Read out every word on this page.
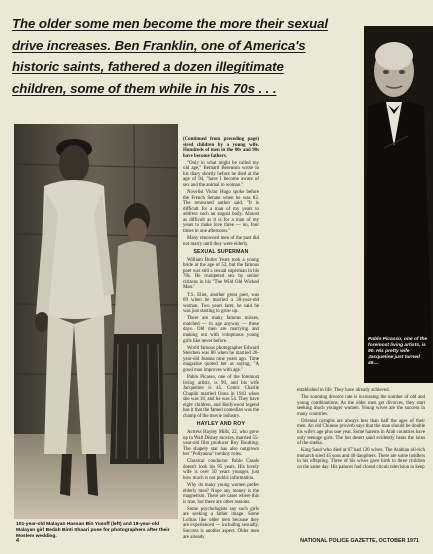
The older some men become the more their sexual
drive increases. Ben Franklin, one of America's
historic saints, fathered a dozen illegitimate
children, some of them while in his 70s . . .
101-year-old Malayan Hassan Bin Yusoff (left) and 18-year-old Malayan girl Bedah Binti Shaari pose for photographers after their Moslem wedding.

(Continued from preceding page) sired children by a young wife. Hundreds of men in the 80s and 90s have become fathers.

"Only in what might be called my old age," Bernard Berenson wrote in his diary shortly before he died at the age of 94, "have I become aware of sex and the animal in woman."

Novelist Victor Hugo spoke before the French Senate when he was 82. The renowned author said, "It is difficult for a man of my years to address such an august body. Almost as difficult as it is for a man of my years to make love three — no, four times in one afternoon."

Many renowned men of the past did not marry until they were elderly.

SEXUAL SUPERMAN

William Butler Yeats took a young bride at the age of 52, but the famous poet was still a sexual superman in his 70s. He trumpeted sex by senior citizens in his "The Wild Old Wicked Man."

T.S. Eliot, another great poet, was 69 when he married a 30-year-old woman. Two years later, he said he was just starting to grow up.

There are many famous misses, matched — in age anyway — these days. Old men are marrying and making out with voluptuous young girls like never before.

World famous photographer Edward Steichen was 80 when he married 26-year-old Joanna nine years ago. Time magazine quoted her as saying, "A good man improves with age."

Pablo Picasso, one of the foremost living artists, is 90, and his wife Jacqueline is 45. Comic Charlie Chaplin married Oona in 1943 when she was 18, and he was 54. They have eight children, and Hollywood legend has it that the famed comedian was the champ of the movie industry.

HAYLEY AND ROY

Actress Hayley Mills, 22, who grew up in Walt Disney movies, married 55-year-old film producer Roy Boulting. The shapely star has also outgrown her "Pollyanna" tomboy roles.

Classical conductor Pablo Casals doesn't look his 95 years. His lovely wife is over 50 years younger, just how much is not public information.

Why do many young women prefer elderly men? Nope any money is the magnetism. There are cases where this is true, but there are other reasons.

Some psychologists say such girls are seeking a father image. Some Lolitas like older men because they are experienced — including sexually. Success is another aspect. Older men are already

Pablo Picasso, one of the foremost living artists, is 90. His pretty wife Jacqueline just turned 45....

established in life. They have already achieved.

The zooming divorce rate is increasing the number of old and young combinations. As the older men get divorces, they start seeking much younger women. Young wives are the success in many countries.

Oriental nymphs are always less than half the ages of their men. An old Chinese proverb says that the man should be double his wife's age plus one year. Some harems in Arab countries have only teenage girls. The hot desert sand evidently heats the loins of the sheiks.

King Saud who died at 67 had 120 wives. The Arabian oil-rich monarch sired 45 sons and 40 daughters. There are some toddlers in his offspring. Three of his wives gave birth to three children on the same day. His palaces had closed circuit television to keep

4	NATIONAL POLICE GAZETTE, OCTOBER 1971
